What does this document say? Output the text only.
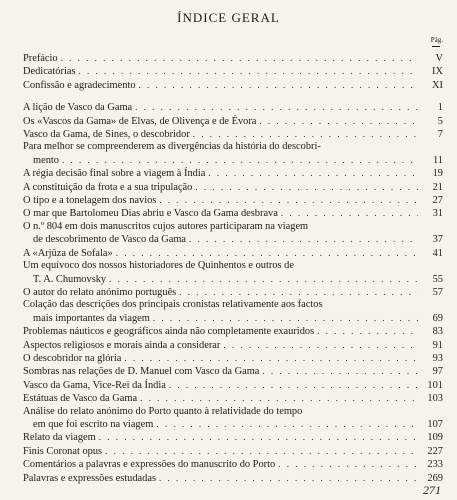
ÍNDICE GERAL
Pág.
Prefácio . . .	V
Dedicatórias . . .	IX
Confissão e agradecimento . . .	XI
A lição de Vasco da Gama . . .	1
Os «Vascos da Gama» de Elvas, de Olivença e de Évora . . .	5
Vasco da Gama, de Sines, o descobridor . . .	7
Para melhor se compreenderem as divergências da história do descobri-
mento . . .	11
A régia decisão final sobre a viagem à Índia . . .	19
A constituição da frota e a sua tripulação . . .	21
O tipo e a tonelagem dos navios . . .	27
O mar que Bartolomeu Dias abriu e Vasco da Gama desbrava . . .	31
O n.º 804 em dois manuscritos cujos autores participaram na viagem
de descobrimento de Vasco da Gama . . .	37
A «Arjûza de Sofala» . . .	41
Um equívoco dos nossos historiadores de Quinhentos e outros de
T. A. Chumovsky . . .	55
O autor do relato anónimo português . . .	57
Colação das descrições dos principais cronistas relativamente aos factos
mais importantes da viagem . . .	69
Problemas náuticos e geográficos ainda não completamente exauridos . . .	83
Aspectos religiosos e morais ainda a considerar . . .	91
O descobridor na glória . . .	93
Sombras nas relações de D. Manuel com Vasco da Gama . . .	97
Vasco da Gama, Vice-Rei da Índia . . .	101
Estátuas de Vasco da Gama . . .	103
Análise do relato anónimo do Porto quanto à relatividade do tempo
em que foi escrito na viagem . . .	107
Relato da viagem . . .	109
Finis Coronat opus . . .	227
Comentários a palavras e expressões do manuscrito do Porto . . .	233
Palavras e expressões estudadas . . .	269
271
